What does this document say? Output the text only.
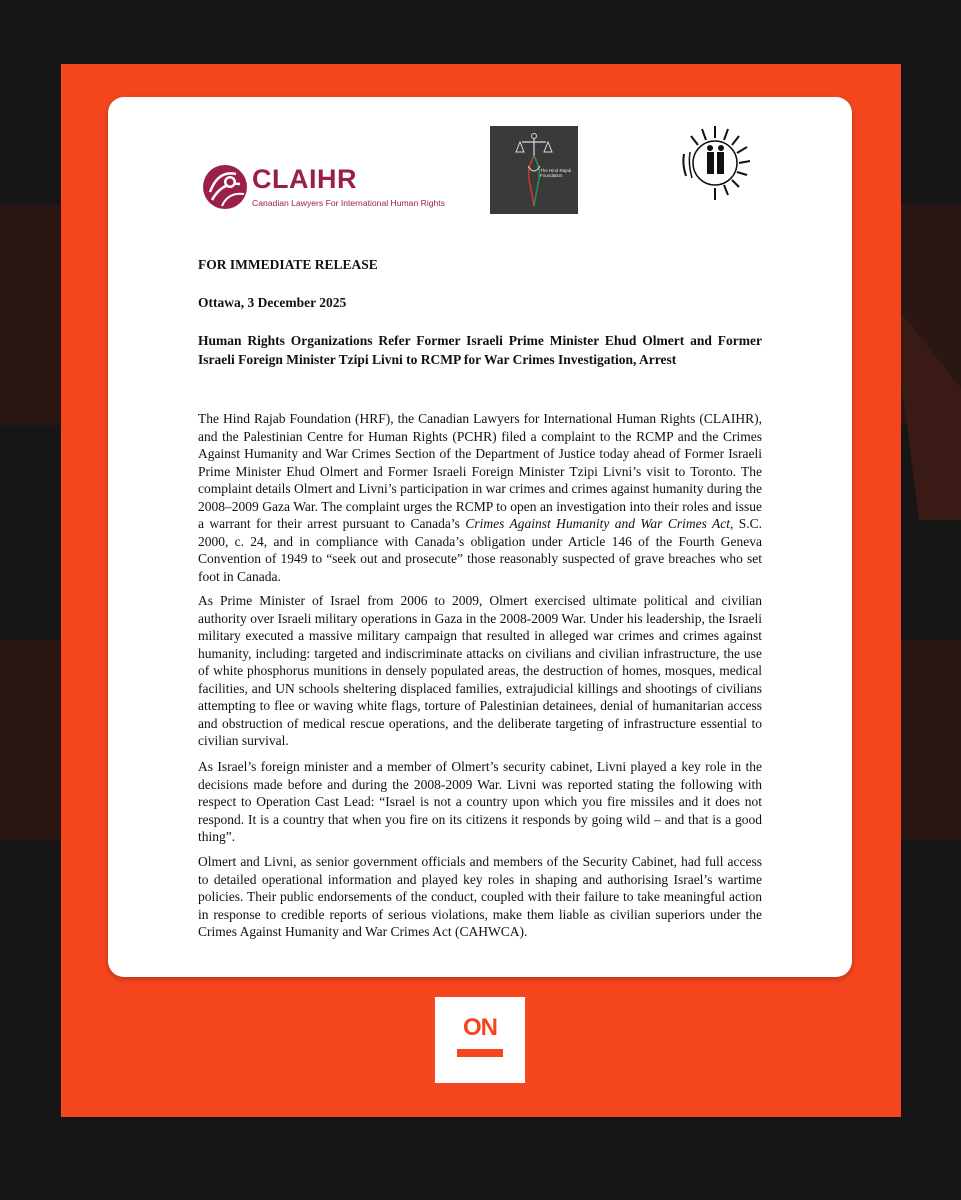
CLAIHR
Canadian Lawyers For International Human Rights
The Hind Rajab Foundation
FOR IMMEDIATE RELEASE
Ottawa, 3 December 2025
Human Rights Organizations Refer Former Israeli Prime Minister Ehud Olmert and Former Israeli Foreign Minister Tzipi Livni to RCMP for War Crimes Investigation, Arrest
The Hind Rajab Foundation (HRF), the Canadian Lawyers for International Human Rights (CLAIHR), and the Palestinian Centre for Human Rights (PCHR) filed a complaint to the RCMP and the Crimes Against Humanity and War Crimes Section of the Department of Justice today ahead of Former Israeli Prime Minister Ehud Olmert and Former Israeli Foreign Minister Tzipi Livni’s visit to Toronto. The complaint details Olmert and Livni’s participation in war crimes and crimes against humanity during the 2008–2009 Gaza War. The complaint urges the RCMP to open an investigation into their roles and issue a warrant for their arrest pursuant to Canada’s Crimes Against Humanity and War Crimes Act, S.C. 2000, c. 24, and in compliance with Canada’s obligation under Article 146 of the Fourth Geneva Convention of 1949 to “seek out and prosecute” those reasonably suspected of grave breaches who set foot in Canada.
As Prime Minister of Israel from 2006 to 2009, Olmert exercised ultimate political and civilian authority over Israeli military operations in Gaza in the 2008-2009 War. Under his leadership, the Israeli military executed a massive military campaign that resulted in alleged war crimes and crimes against humanity, including: targeted and indiscriminate attacks on civilians and civilian infrastructure, the use of white phosphorus munitions in densely populated areas, the destruction of homes, mosques, medical facilities, and UN schools sheltering displaced families, extrajudicial killings and shootings of civilians attempting to flee or waving white flags, torture of Palestinian detainees, denial of humanitarian access and obstruction of medical rescue operations, and the deliberate targeting of infrastructure essential to civilian survival.
As Israel’s foreign minister and a member of Olmert’s security cabinet, Livni played a key role in the decisions made before and during the 2008-2009 War. Livni was reported stating the following with respect to Operation Cast Lead: “Israel is not a country upon which you fire missiles and it does not respond. It is a country that when you fire on its citizens it responds by going wild – and that is a good thing”.
Olmert and Livni, as senior government officials and members of the Security Cabinet, had full access to detailed operational information and played key roles in shaping and authorising Israel’s wartime policies. Their public endorsements of the conduct, coupled with their failure to take meaningful action in response to credible reports of serious violations, make them liable as civilian superiors under the Crimes Against Humanity and War Crimes Act (CAHWCA).
ON
